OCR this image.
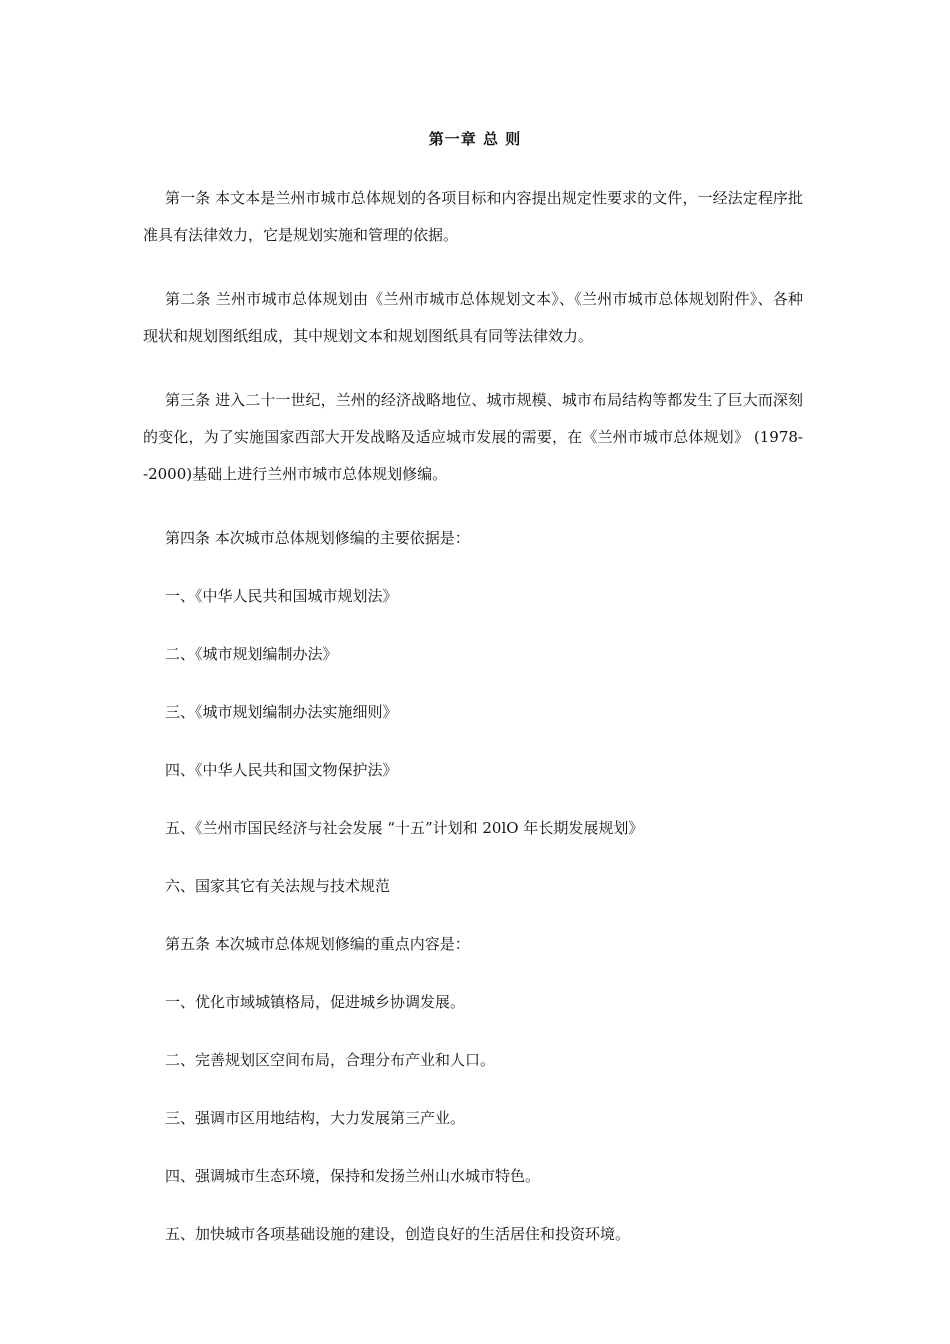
第一章 总 则

第一条 本文本是兰州市城市总体规划的各项目标和内容提出规定性要求的文件，一经法定程序批准具有法律效力，它是规划实施和管理的依据。

第二条 兰州市城市总体规划由《兰州市城市总体规划文本》、《兰州市城市总体规划附件》、各种现状和规划图纸组成，其中规划文本和规划图纸具有同等法律效力。

第三条 进入二十一世纪，兰州的经济战略地位、城市规模、城市布局结构等都发生了巨大而深刻的变化，为了实施国家西部大开发战略及适应城市发展的需要，在《兰州市城市总体规划》 (1978--2000)基础上进行兰州市城市总体规划修编。

第四条 本次城市总体规划修编的主要依据是：

一、《中华人民共和国城市规划法》

二、《城市规划编制办法》

三、《城市规划编制办法实施细则》

四、《中华人民共和国文物保护法》

五、《兰州市国民经济与社会发展 “十五”计划和 20lO 年长期发展规划》

六、国家其它有关法规与技术规范

第五条 本次城市总体规划修编的重点内容是：

一、优化市域城镇格局，促进城乡协调发展。

二、完善规划区空间布局，合理分布产业和人口。

三、强调市区用地结构，大力发展第三产业。

四、强调城市生态环境，保持和发扬兰州山水城市特色。

五、加快城市各项基础设施的建设，创造良好的生活居住和投资环境。
